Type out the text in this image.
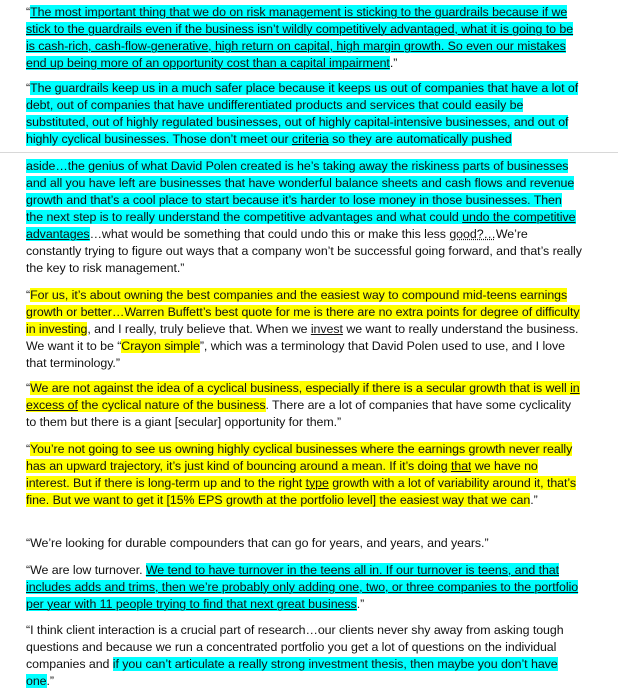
“The most important thing that we do on risk management is sticking to the guardrails because if we stick to the guardrails even if the business isn’t wildly competitively advantaged, what it is going to be is cash-rich, cash-flow-generative, high return on capital, high margin growth. So even our mistakes end up being more of an opportunity cost than a capital impairment.”

“The guardrails keep us in a much safer place because it keeps us out of companies that have a lot of debt, out of companies that have undifferentiated products and services that could easily be substituted, out of highly regulated businesses, out of highly capital-intensive businesses, and out of highly cyclical businesses. Those don’t meet our criteria so they are automatically pushed

aside…the genius of what David Polen created is he’s taking away the riskiness parts of businesses and all you have left are businesses that have wonderful balance sheets and cash flows and revenue growth and that’s a cool place to start because it’s harder to lose money in those businesses. Then the next step is to really understand the competitive advantages and what could undo the competitive advantages…what would be something that could undo this or make this less good?…We’re constantly trying to figure out ways that a company won’t be successful going forward, and that’s really the key to risk management.”

“For us, it’s about owning the best companies and the easiest way to compound mid-teens earnings growth or better…Warren Buffett’s best quote for me is there are no extra points for degree of difficulty in investing, and I really, truly believe that. When we invest we want to really understand the business. We want it to be “Crayon simple”, which was a terminology that David Polen used to use, and I love that terminology.”

“We are not against the idea of a cyclical business, especially if there is a secular growth that is well in excess of the cyclical nature of the business. There are a lot of companies that have some cyclicality to them but there is a giant [secular] opportunity for them.”

“You’re not going to see us owning highly cyclical businesses where the earnings growth never really has an upward trajectory, it’s just kind of bouncing around a mean. If it’s doing that we have no interest. But if there is long-term up and to the right type growth with a lot of variability around it, that’s fine. But we want to get it [15% EPS growth at the portfolio level] the easiest way that we can.”

“We’re looking for durable compounders that can go for years, and years, and years.”

“We are low turnover. We tend to have turnover in the teens all in. If our turnover is teens, and that includes adds and trims, then we’re probably only adding one, two, or three companies to the portfolio per year with 11 people trying to find that next great business.”

“I think client interaction is a crucial part of research…our clients never shy away from asking tough questions and because we run a concentrated portfolio you get a lot of questions on the individual companies and if you can’t articulate a really strong investment thesis, then maybe you don’t have one.”
